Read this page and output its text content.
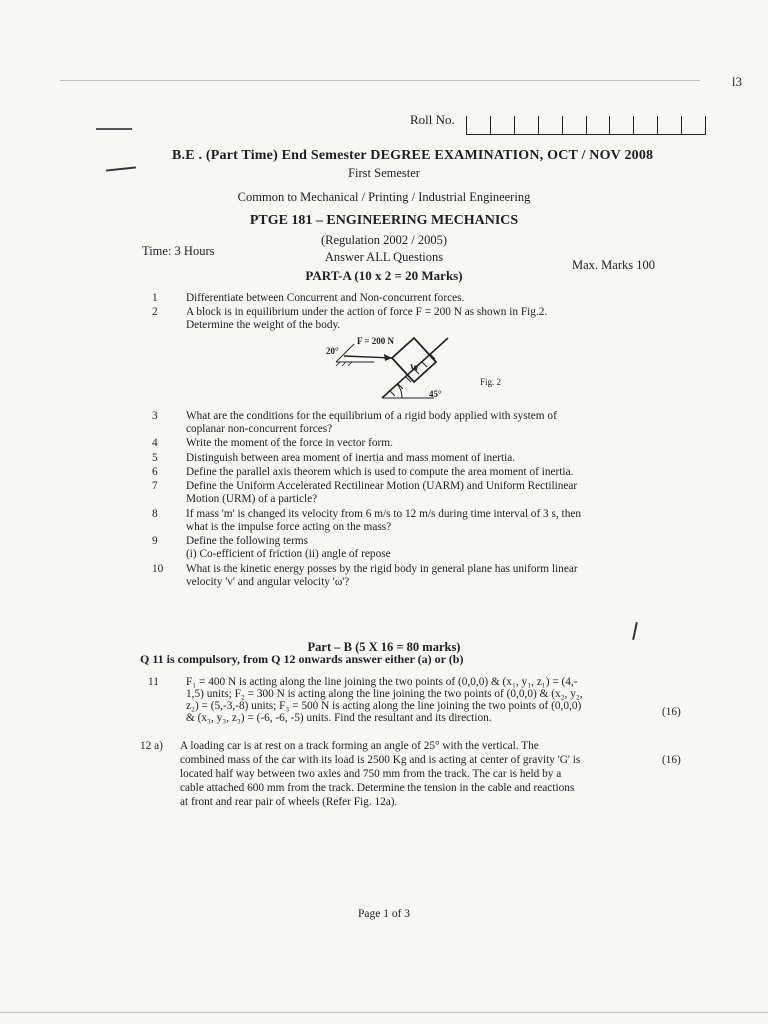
l3
Roll No.
B.E . (Part Time) End Semester DEGREE EXAMINATION, OCT / NOV 2008
First Semester
Common to Mechanical / Printing / Industrial Engineering
PTGE 181 – ENGINEERING MECHANICS
(Regulation 2002 / 2005)
Answer ALL Questions
Time: 3 Hours
Max. Marks 100
PART-A (10 x 2 = 20 Marks)
1	Differentiate between Concurrent and Non-concurrent forces.
2	A block is in equilibrium under the action of force F = 200 N as shown in Fig.2.
Determine the weight of the body.
F = 200 N
20°
45°
W
Fig. 2
3	What are the conditions for the equilibrium of a rigid body applied with system of
coplanar non-concurrent forces?
4	Write the moment of the force in vector form.
5	Distinguish between area moment of inertia and mass moment of inertia.
6	Define the parallel axis theorem which is used to compute the area moment of inertia.
7	Define the Uniform Accelerated Rectilinear Motion (UARM) and Uniform Rectilinear
Motion (URM) of a particle?
8	If mass 'm' is changed its velocity from 6 m/s to 12 m/s during time interval of 3 s, then
what is the impulse force acting on the mass?
9	Define the following terms
(i) Co-efficient of friction (ii) angle of repose
10	What is the kinetic energy posses by the rigid body in general plane has uniform linear
velocity 'v' and angular velocity 'ω'?
Part – B (5 X 16 = 80 marks)
Q 11 is compulsory, from Q 12 onwards answer either (a) or (b)
11	F₁ = 400 N is acting along the line joining the two points of (0,0,0) & (x₁, y₁, z₁) = (4,-
1,5) units; F₂ = 300 N is acting along the line joining the two points of (0,0,0) & (x₂, y₂,
z₂) = (5,-3,-8) units; F₃ = 500 N is acting along the line joining the two points of (0,0,0)
& (x₃, y₃, z₃) = (-6, -6, -5) units. Find the resultant and its direction.	(16)
12 a)	A loading car is at rest on a track forming an angle of 25° with the vertical. The
combined mass of the car with its load is 2500 Kg and is acting at center of gravity 'G' is
located half way between two axles and 750 mm from the track. The car is held by a
cable attached 600 mm from the track. Determine the tension in the cable and reactions
at front and rear pair of wheels (Refer Fig. 12a).
(16)
Page 1 of 3
